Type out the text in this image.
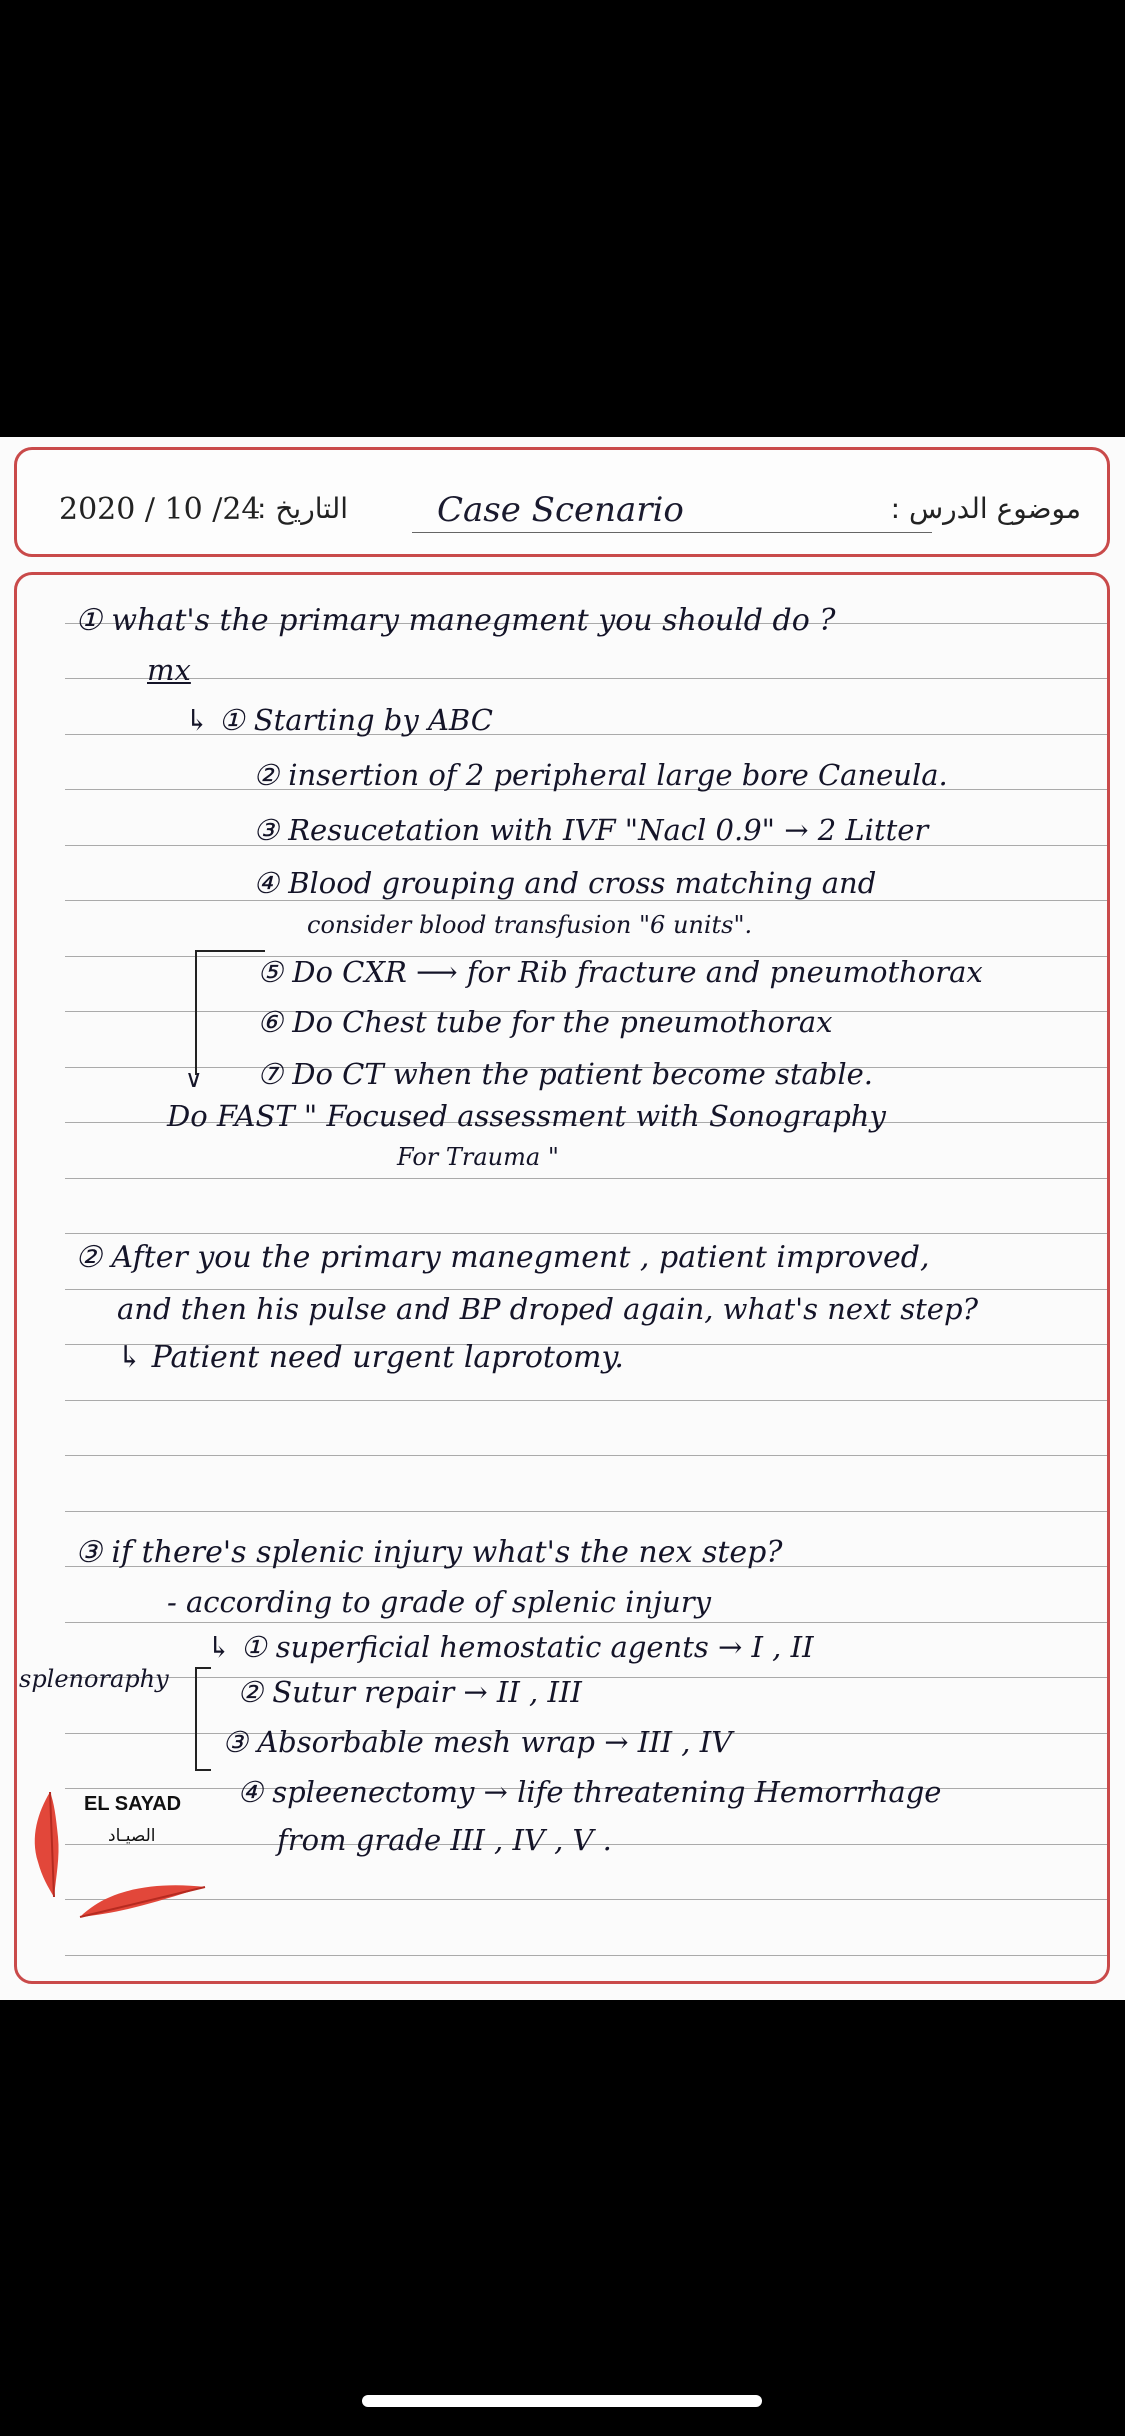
2020 / 10 /24
التاريخ :	Case Scenario	موضوع الدرس :
① what's the primary manegment you should do ?
mx
↳ ① Starting by ABC
② insertion of 2 peripheral large bore Caneula.
③ Resucetation with IVF "Nacl 0.9" → 2 Litter
④ Blood grouping and cross matching and
consider blood transfusion "6 units".
⑤ Do CXR ⟶ for Rib fracture and pneumothorax
⑥ Do Chest tube for the pneumothorax
⑦ Do CT when the patient become stable.
Do FAST " Focused assessment with Sonography
For Trauma "
∨
② After you the primary manegment , patient improved,
and then his pulse and BP droped again, what's next step?
↳ Patient need urgent laprotomy.
③ if there's splenic injury what's the nex step?
- according to grade of splenic injury
splenoraphy
↳ ① superficial hemostatic agents → I , II
② Sutur repair → II , III
③ Absorbable mesh wrap → III , IV
④ spleenectomy → life threatening Hemorrhage
from grade III , IV , V .
EL SAYAD
الصيـاد
